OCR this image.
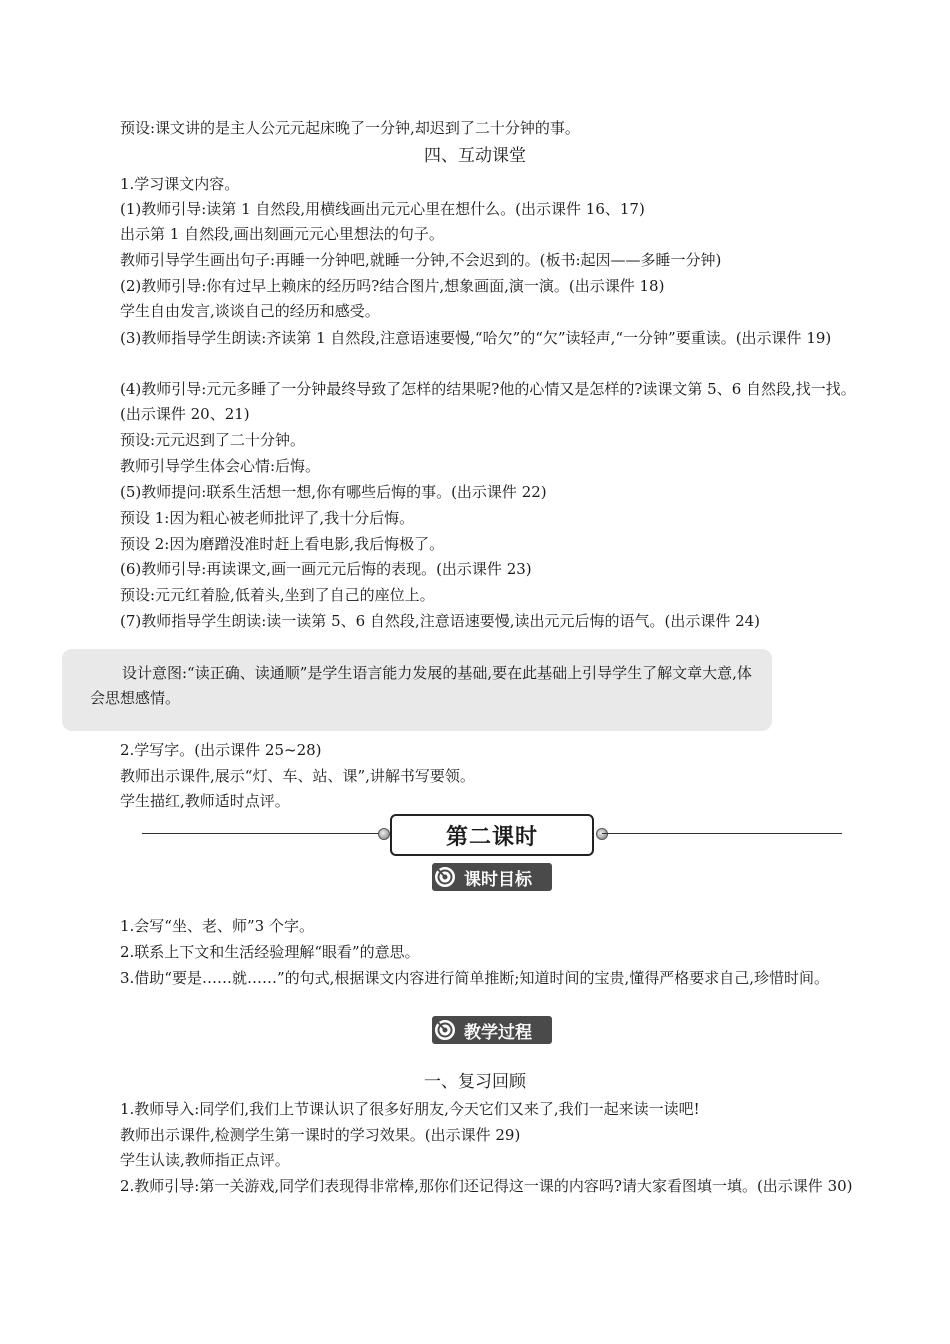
预设:课文讲的是主人公元元起床晚了一分钟,却迟到了二十分钟的事。
四、互动课堂
1.学习课文内容。
(1)教师引导:读第 1 自然段,用横线画出元元心里在想什么。(出示课件 16、17)
出示第 1 自然段,画出刻画元元心里想法的句子。
教师引导学生画出句子:再睡一分钟吧,就睡一分钟,不会迟到的。(板书:起因——多睡一分钟)
(2)教师引导:你有过早上赖床的经历吗?结合图片,想象画面,演一演。(出示课件 18)
学生自由发言,谈谈自己的经历和感受。
(3)教师指导学生朗读:齐读第 1 自然段,注意语速要慢,“哈欠”的“欠”读轻声,“一分钟”要重读。(出示课件 19)
(4)教师引导:元元多睡了一分钟最终导致了怎样的结果呢?他的心情又是怎样的?读课文第 5、6 自然段,找一找。(出示课件 20、21)
预设:元元迟到了二十分钟。
教师引导学生体会心情:后悔。
(5)教师提问:联系生活想一想,你有哪些后悔的事。(出示课件 22)
预设 1:因为粗心被老师批评了,我十分后悔。
预设 2:因为磨蹭没准时赶上看电影,我后悔极了。
(6)教师引导:再读课文,画一画元元后悔的表现。(出示课件 23)
预设:元元红着脸,低着头,坐到了自己的座位上。
(7)教师指导学生朗读:读一读第 5、6 自然段,注意语速要慢,读出元元后悔的语气。(出示课件 24)
2.学写字。(出示课件 25~28)
教师出示课件,展示“灯、车、站、课”,讲解书写要领。
学生描红,教师适时点评。
1.会写“坐、老、师”3 个字。
2.联系上下文和生活经验理解“眼看”的意思。
3.借助“要是……就……”的句式,根据课文内容进行简单推断;知道时间的宝贵,懂得严格要求自己,珍惜时间。
一、复习回顾
1.教师导入:同学们,我们上节课认识了很多好朋友,今天它们又来了,我们一起来读一读吧!
教师出示课件,检测学生第一课时的学习效果。(出示课件 29)
学生认读,教师指正点评。
2.教师引导:第一关游戏,同学们表现得非常棒,那你们还记得这一课的内容吗?请大家看图填一填。(出示课件 30)
设计意图:“读正确、读通顺”是学生语言能力发展的基础,要在此基础上引导学生了解文章大意,体会思想感情。
第二课时
课时目标
教学过程
